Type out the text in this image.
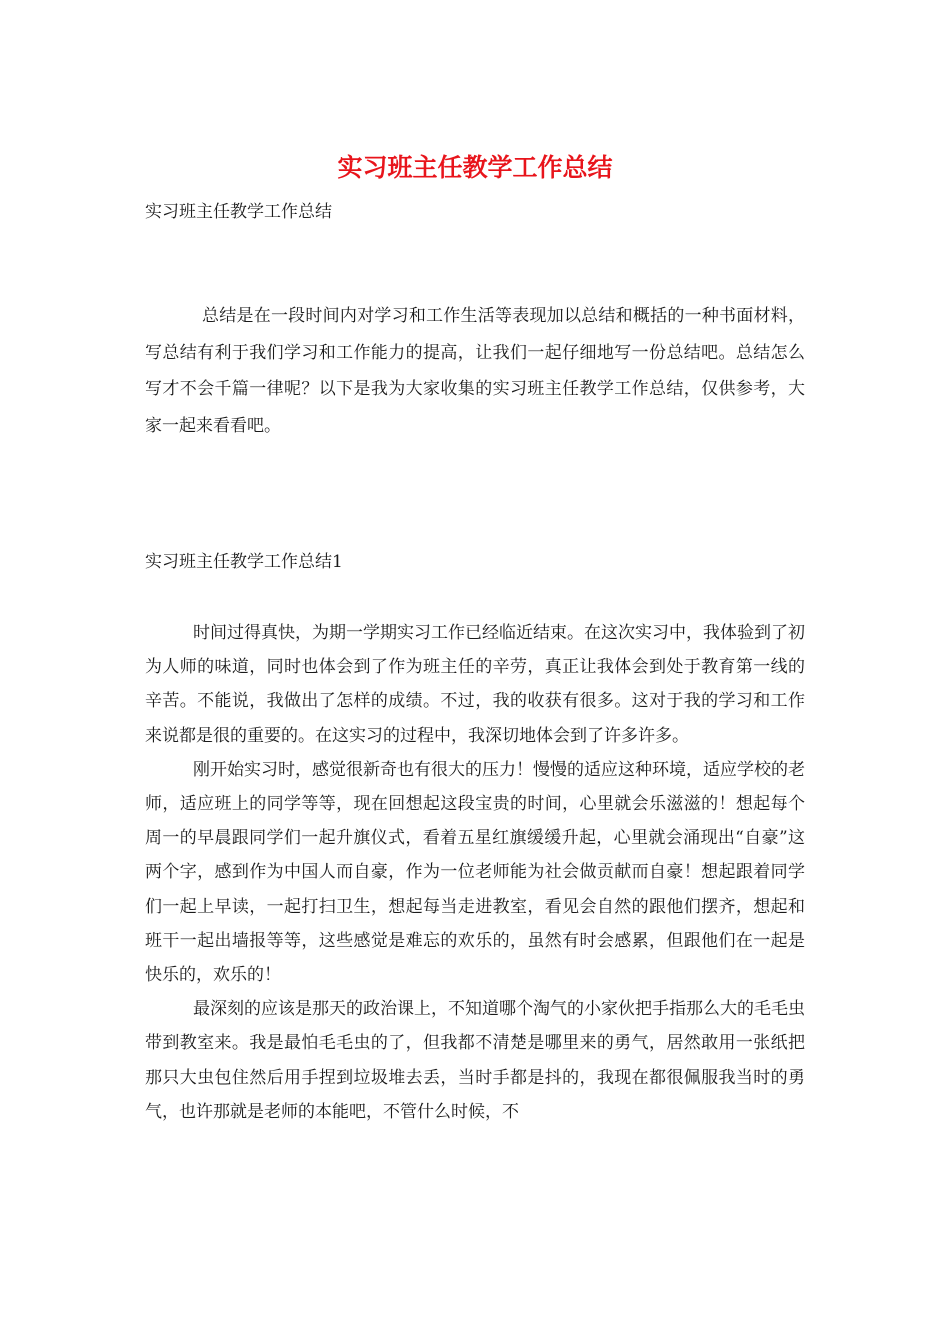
实习班主任教学工作总结

实习班主任教学工作总结

总结是在一段时间内对学习和工作生活等表现加以总结和概括的一种书面材料，写总结有利于我们学习和工作能力的提高，让我们一起仔细地写一份总结吧。总结怎么写才不会千篇一律呢？以下是我为大家收集的实习班主任教学工作总结，仅供参考，大家一起来看看吧。

实习班主任教学工作总结1

时间过得真快，为期一学期实习工作已经临近结束。在这次实习中，我体验到了初为人师的味道，同时也体会到了作为班主任的辛劳，真正让我体会到处于教育第一线的辛苦。不能说，我做出了怎样的成绩。不过，我的收获有很多。这对于我的学习和工作来说都是很的重要的。在这实习的过程中，我深切地体会到了许多许多。

刚开始实习时，感觉很新奇也有很大的压力！慢慢的适应这种环境，适应学校的老师，适应班上的同学等等，现在回想起这段宝贵的时间，心里就会乐滋滋的！想起每个周一的早晨跟同学们一起升旗仪式，看着五星红旗缓缓升起，心里就会涌现出“自豪”这两个字，感到作为中国人而自豪，作为一位老师能为社会做贡献而自豪！想起跟着同学们一起上早读，一起打扫卫生，想起每当走进教室，看见会自然的跟他们摆齐，想起和班干一起出墙报等等，这些感觉是难忘的欢乐的，虽然有时会感累，但跟他们在一起是快乐的，欢乐的！

最深刻的应该是那天的政治课上，不知道哪个淘气的小家伙把手指那么大的毛毛虫带到教室来。我是最怕毛毛虫的了，但我都不清楚是哪里来的勇气，居然敢用一张纸把那只大虫包住然后用手捏到垃圾堆去丢，当时手都是抖的，我现在都很佩服我当时的勇气，也许那就是老师的本能吧，不管什么时候，不
